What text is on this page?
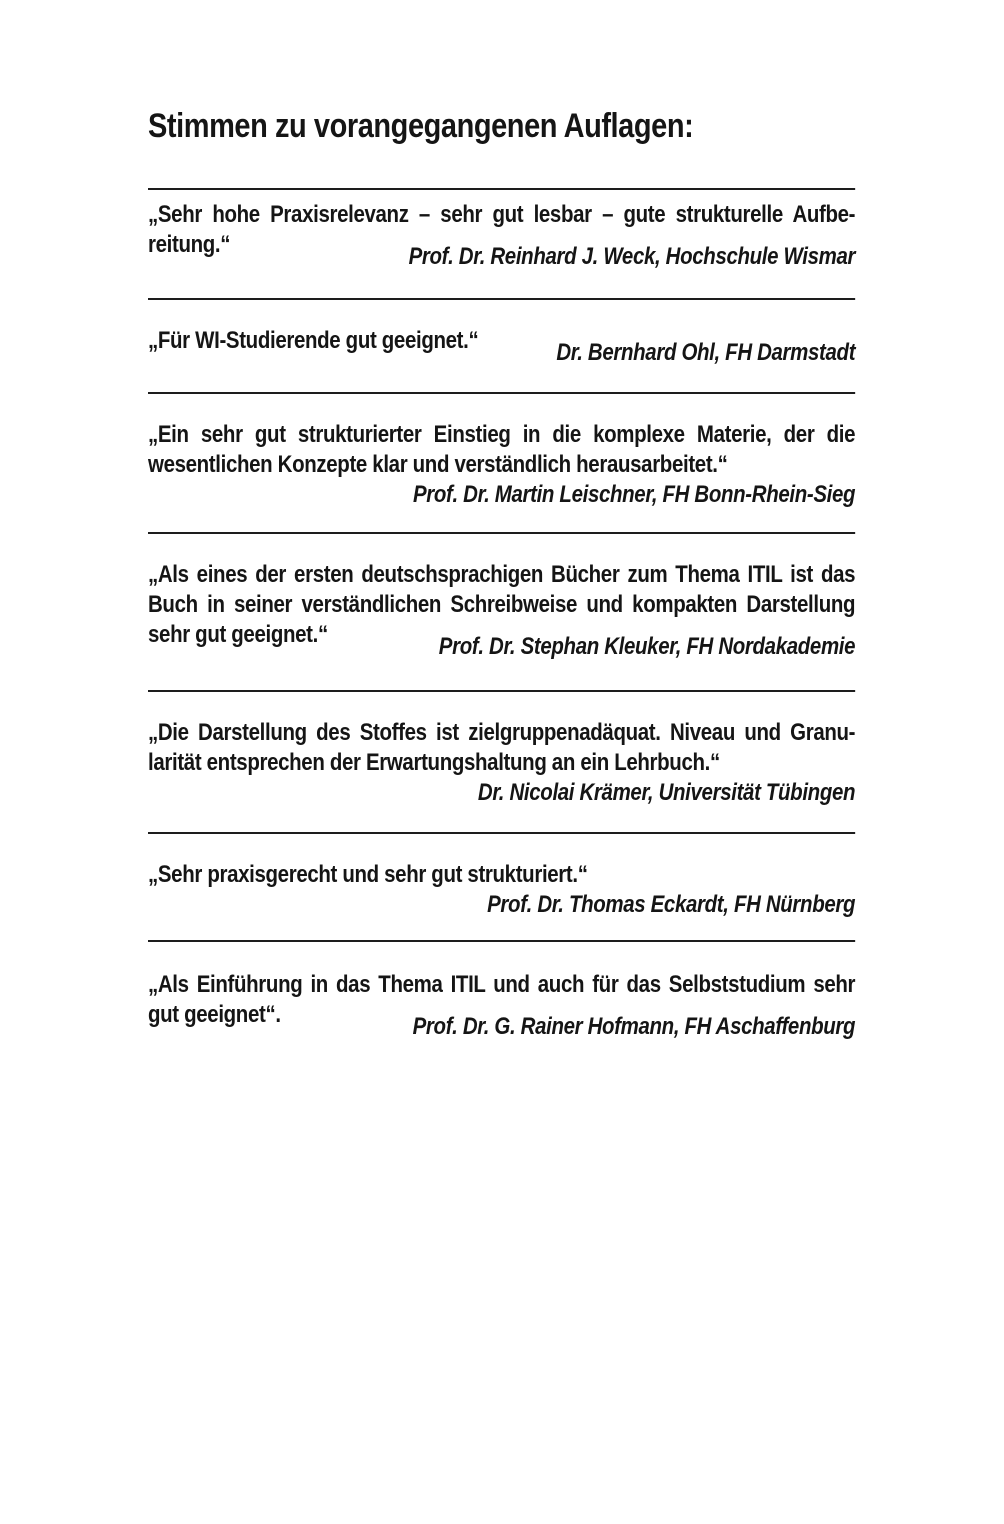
Stimmen zu vorangegangenen Auflagen:
„Sehr hohe Praxisrelevanz – sehr gut lesbar – gute strukturelle Aufbe-
reitung.“	Prof. Dr. Reinhard J. Weck, Hochschule Wismar
„Für WI-Studierende gut geeignet.“	Dr. Bernhard Ohl, FH Darmstadt
„Ein sehr gut strukturierter Einstieg in die komplexe Materie, der die
wesentlichen Konzepte klar und verständlich herausarbeitet.“
Prof. Dr. Martin Leischner, FH Bonn-Rhein-Sieg
„Als eines der ersten deutschsprachigen Bücher zum Thema ITIL ist das
Buch in seiner verständlichen Schreibweise und kompakten Darstellung
sehr gut geeignet.“	Prof. Dr. Stephan Kleuker, FH Nordakademie
„Die Darstellung des Stoffes ist zielgruppenadäquat. Niveau und Granu-
larität entsprechen der Erwartungshaltung an ein Lehrbuch.“
Dr. Nicolai Krämer, Universität Tübingen
„Sehr praxisgerecht und sehr gut strukturiert.“
Prof. Dr. Thomas Eckardt, FH Nürnberg
„Als Einführung in das Thema ITIL und auch für das Selbststudium sehr
gut geeignet“.	Prof. Dr. G. Rainer Hofmann, FH Aschaffenburg
